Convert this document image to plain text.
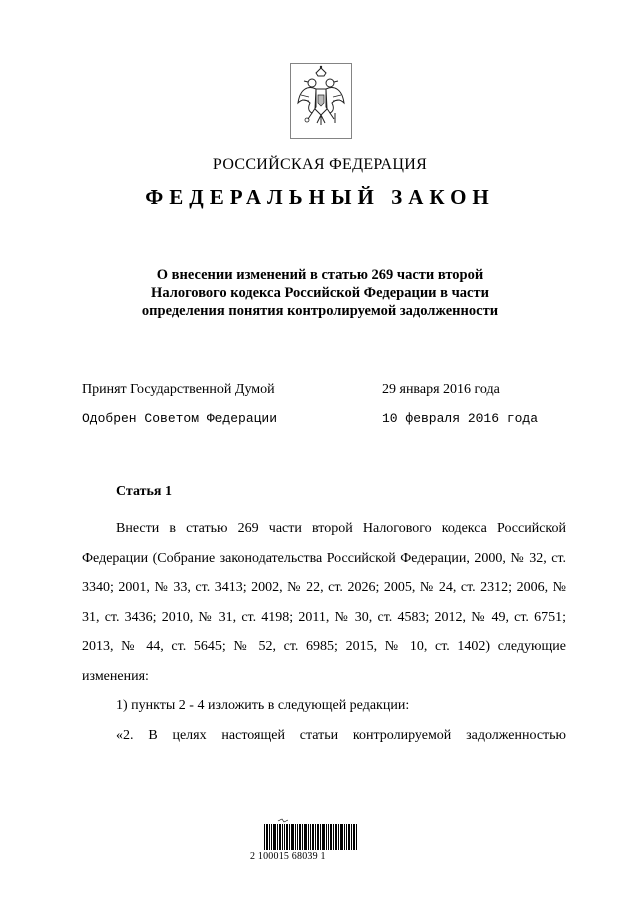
РОССИЙСКАЯ ФЕДЕРАЦИЯ
ФЕДЕРАЛЬНЫЙ ЗАКОН
О внесении изменений в статью 269 части второй
Налогового кодекса Российской Федерации в части
определения понятия контролируемой задолженности
Принят Государственной Думой	29 января 2016 года
Одобрен Советом Федерации	10 февраля 2016 года
Статья 1

Внести в статью 269 части второй Налогового кодекса Российской Федерации (Собрание законодательства Российской Федерации, 2000, № 32, ст. 3340; 2001, № 33, ст. 3413; 2002, № 22, ст. 2026; 2005, № 24, ст. 2312; 2006, № 31, ст. 3436; 2010, № 31, ст. 4198; 2011, № 30, ст. 4583; 2012, № 49, ст. 6751; 2013, № 44, ст. 5645; № 52, ст. 6985; 2015, № 10, ст. 1402) следующие изменения:

1) пункты 2 - 4 изложить в следующей редакции:

«2. В целях настоящей статьи контролируемой задолженностью

2 100015 68039 1
